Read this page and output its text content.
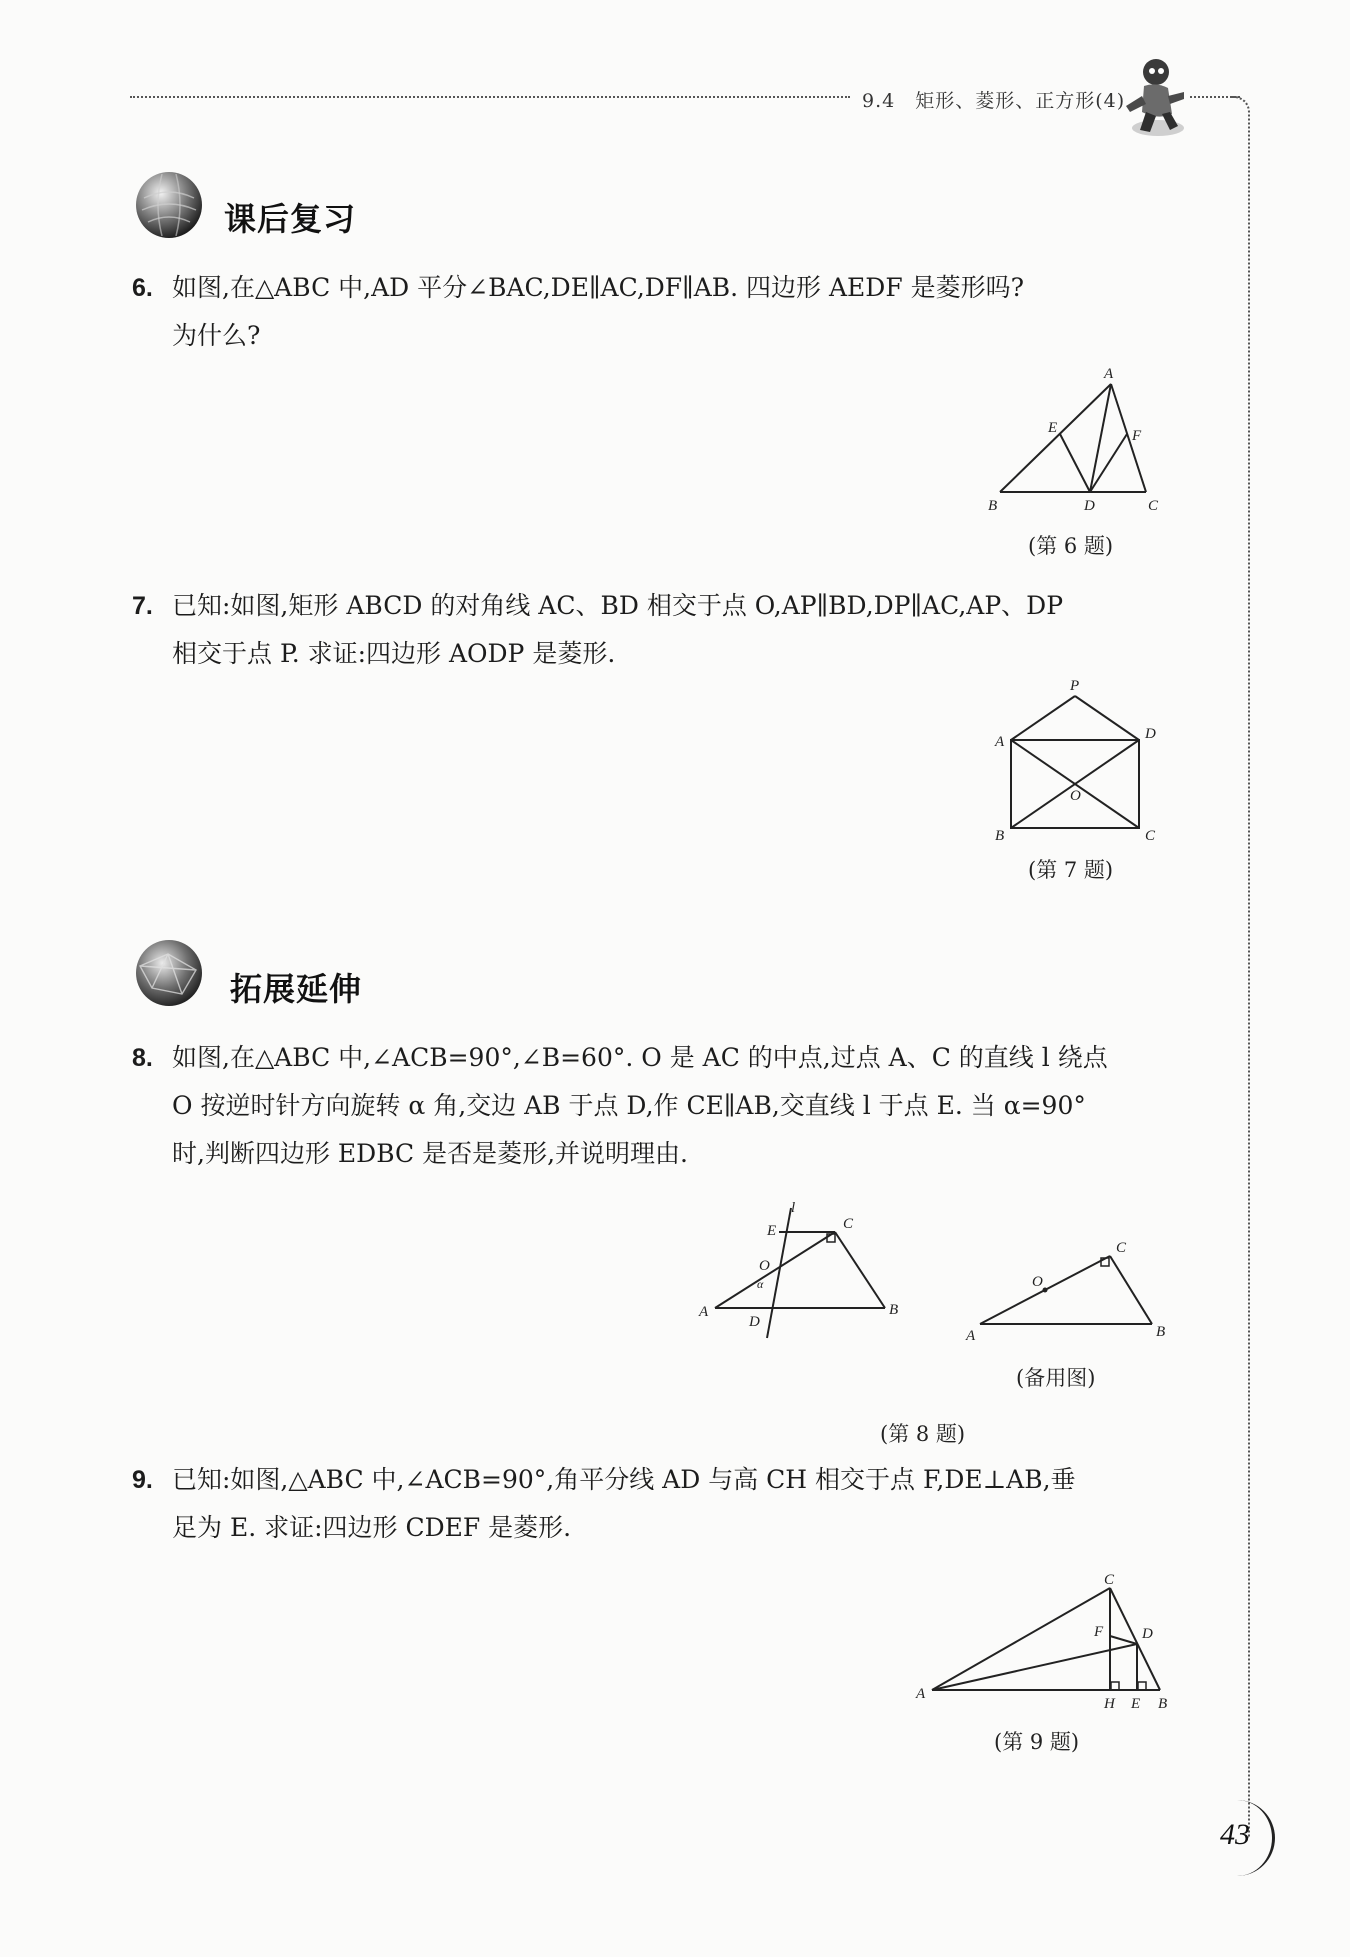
9.4　矩形、菱形、正方形(4)
课后复习
6. 如图,在△ABC 中,AD 平分∠BAC,DE∥AC,DF∥AB. 四边形 AEDF 是菱形吗?
为什么?
A
E	F
B	D	C
(第 6 题)
7. 已知:如图,矩形 ABCD 的对角线 AC、BD 相交于点 O,AP∥BD,DP∥AC,AP、DP
相交于点 P. 求证:四边形 AODP 是菱形.
P
A	D
O
B	C
(第 7 题)
拓展延伸
8. 如图,在△ABC 中,∠ACB=90°,∠B=60°. O 是 AC 的中点,过点 A、C 的直线 l 绕点
O 按逆时针方向旋转 α 角,交边 AB 于点 D,作 CE∥AB,交直线 l 于点 E. 当 α=90°
时,判断四边形 EDBC 是否是菱形,并说明理由.
l
E	C
O
α
A
D
B
C
O
A	B
(备用图)
(第 8 题)
9. 已知:如图,△ABC 中,∠ACB=90°,角平分线 AD 与高 CH 相交于点 F,DE⊥AB,垂
足为 E. 求证:四边形 CDEF 是菱形.
C
F	D
A
H E B
(第 9 题)
43
